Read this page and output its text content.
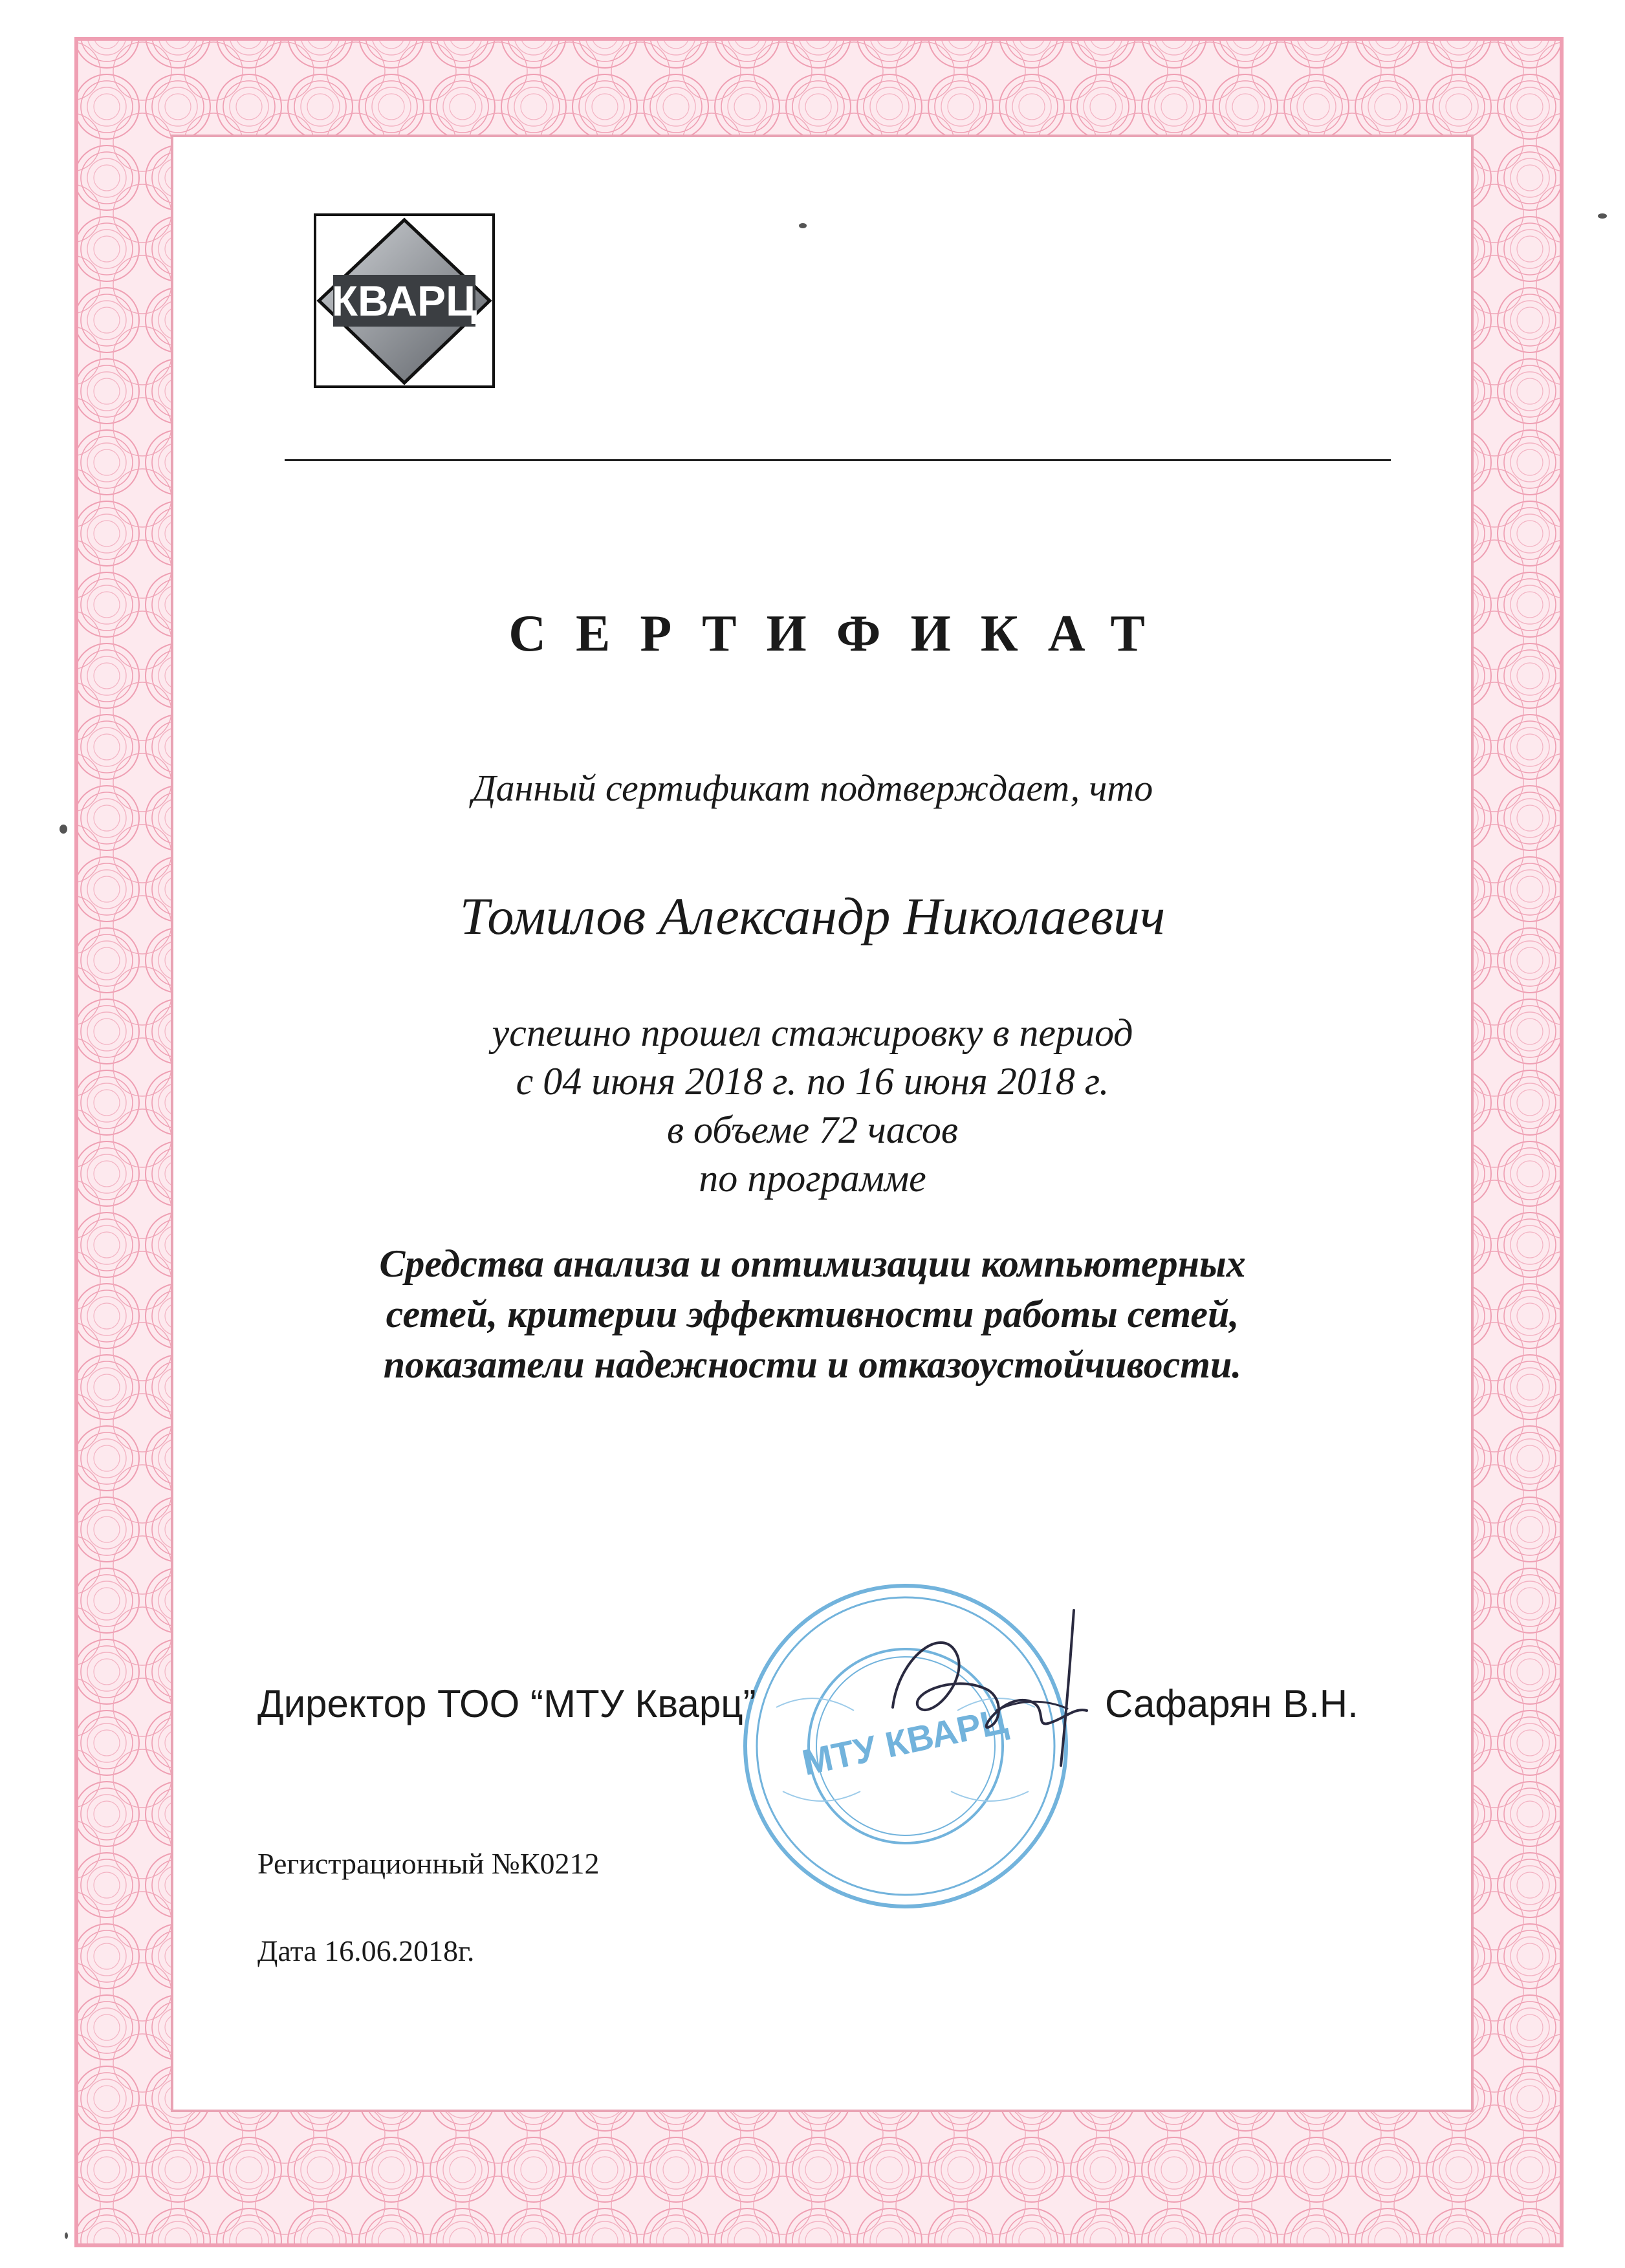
КВАРЦ
СЕРТИФИКАТ
Данный сертификат подтверждает, что
Томилов Александр Николаевич
успешно прошел стажировку в период
с 04 июня 2018 г. по 16 июня 2018 г.
в объеме 72 часов
по программе
Средства анализа и оптимизации компьютерных
сетей, критерии эффективности работы сетей,
показатели надежности и отказоустойчивости.
МТУ КВАРЦ
Директор ТОО “МТУ Кварц”	Сафарян В.Н.
Регистрационный №К0212
Дата 16.06.2018г.
